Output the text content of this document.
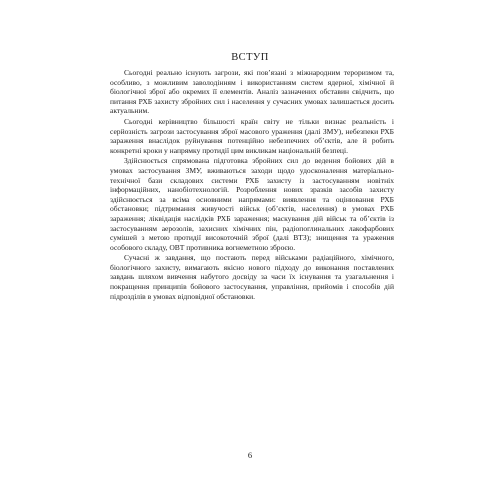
ВСТУП

Сьогодні реально існують загрози, які пов’язані з міжнародним тероризмом та, особливо, з можливим заволодінням і використанням систем ядерної, хімічної й біологічної зброї або окремих її елементів. Аналіз зазначених обставин свідчить, що питання РХБ захисту збройних сил і населення у сучасних умовах залишається досить актуальним.

Сьогодні керівництво більшості країн світу не тільки визнає реальність і серйозність загрози застосування зброї масового ураження (далі ЗМУ), небезпеки РХБ зараження внаслідок руйнування потенційно небезпечних об’єктів, але й робить конкретні кроки у напрямку протидії цим викликам національній безпеці.

Здійснюється спрямована підготовка збройних сил до ведення бойових дій в умовах застосування ЗМУ, вживаються заходи щодо удосконалення матеріально-технічної бази складових системи РХБ захисту із застосуванням новітніх інформаційних, нанобіотехнологій. Розроблення нових зразків засобів захисту здійснюється за всіма основними напрямами: виявлення та оцінювання РХБ обстановки; підтримання живучості військ (об’єктів, населення) в умовах РХБ зараження; ліквідація наслідків РХБ зараження; маскування дій військ та об’єктів із застосуванням аерозолів, захисних хімічних пін, радіопоглинальних лакофарбових сумішей з метою протидії високоточній зброї (далі ВТЗ); знищення та ураження особового складу, ОВТ противника вогнеметною зброєю.

Сучасні ж завдання, що постають перед військами радіаційного, хімічного, біологічного захисту, вимагають якісно нового підходу до виконання поставлених завдань шляхом вивчення набутого досвіду за часи їх існування та узагальнення і покращення принципів бойового застосування, управління, прийомів і способів дій підрозділів в умовах відповідної обстановки.

6
